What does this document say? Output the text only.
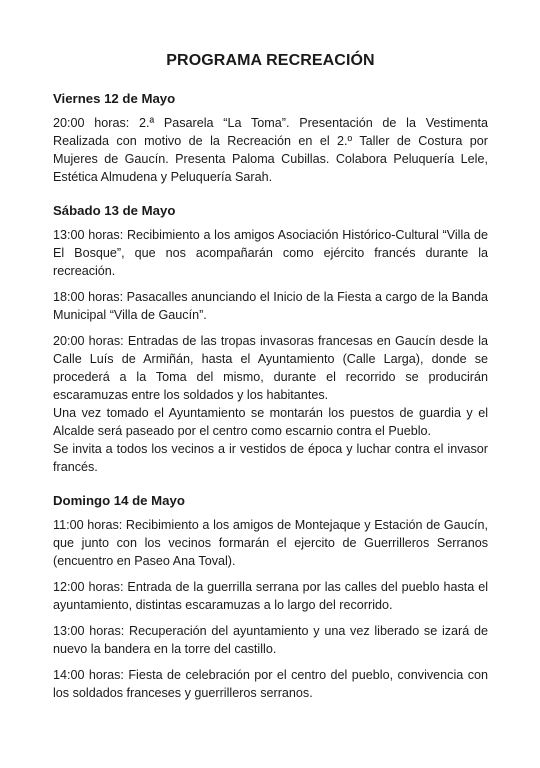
PROGRAMA RECREACIÓN
Viernes 12 de Mayo

20:00 horas: 2.ª Pasarela “La Toma”. Presentación de la Vestimenta Realizada con motivo de la Recreación en el 2.º Taller de Costura por Mujeres de Gaucín. Presenta Paloma Cubillas. Colabora Peluquería Lele, Estética Almudena y Peluquería Sarah.

Sábado 13 de Mayo

13:00 horas: Recibimiento a los amigos Asociación Histórico-Cultural “Villa de El Bosque”, que nos acompañarán como ejército francés durante la recreación.

18:00 horas: Pasacalles anunciando el Inicio de la Fiesta a cargo de la Banda Municipal “Villa de Gaucín”.

20:00 horas: Entradas de las tropas invasoras francesas en Gaucín desde la Calle Luís de Armiñán, hasta el Ayuntamiento (Calle Larga), donde se procederá a la Toma del mismo, durante el recorrido se producirán escaramuzas entre los soldados y los habitantes.

Una vez tomado el Ayuntamiento se montarán los puestos de guardia y el Alcalde será paseado por el centro como escarnio contra el Pueblo.

Se invita a todos los vecinos a ir vestidos de época y luchar contra el invasor francés.

Domingo 14 de Mayo

11:00 horas: Recibimiento a los amigos de Montejaque y Estación de Gaucín, que junto con los vecinos formarán el ejercito de Guerrilleros Serranos (encuentro en Paseo Ana Toval).

12:00 horas: Entrada de la guerrilla serrana por las calles del pueblo hasta el ayuntamiento, distintas escaramuzas a lo largo del recorrido.

13:00 horas: Recuperación del ayuntamiento y una vez liberado se izará de nuevo la bandera en la torre del castillo.

14:00 horas: Fiesta de celebración por el centro del pueblo, convivencia con los soldados franceses y guerrilleros serranos.
